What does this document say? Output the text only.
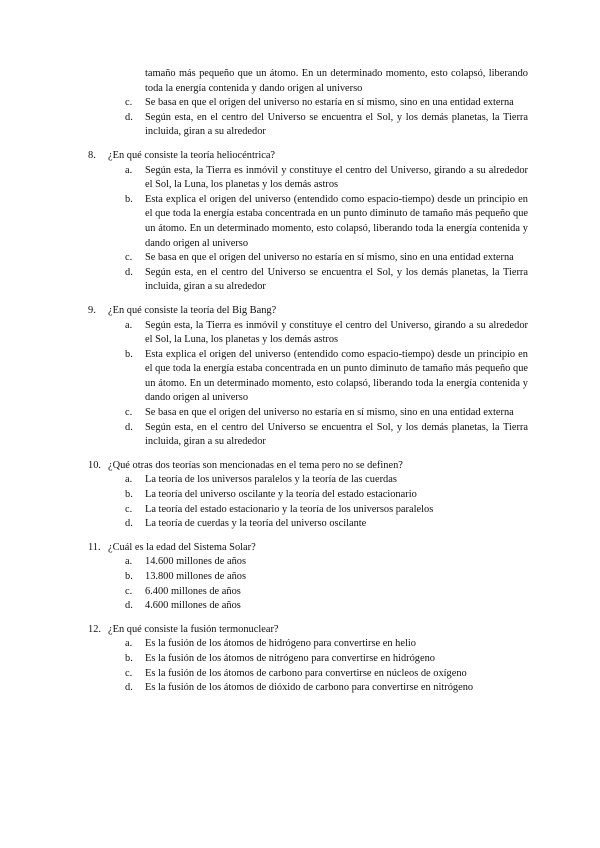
tamaño más pequeño que un átomo. En un determinado momento, esto colapsó, liberando toda la energía contenida y dando origen al universo
c.	Se basa en que el origen del universo no estaría en sí mismo, sino en una entidad externa
d.	Según esta, en el centro del Universo se encuentra el Sol, y los demás planetas, la Tierra incluida, giran a su alrededor
8.	¿En qué consiste la teoría heliocéntrica?
a.	Según esta, la Tierra es inmóvil y constituye el centro del Universo, girando a su alrededor el Sol, la Luna, los planetas y los demás astros
b.	Esta explica el origen del universo (entendido como espacio-tiempo) desde un principio en el que toda la energía estaba concentrada en un punto diminuto de tamaño más pequeño que un átomo. En un determinado momento, esto colapsó, liberando toda la energía contenida y dando origen al universo
c.	Se basa en que el origen del universo no estaría en sí mismo, sino en una entidad externa
d.	Según esta, en el centro del Universo se encuentra el Sol, y los demás planetas, la Tierra incluida, giran a su alrededor
9.	¿En qué consiste la teoría del Big Bang?
a.	Según esta, la Tierra es inmóvil y constituye el centro del Universo, girando a su alrededor el Sol, la Luna, los planetas y los demás astros
b.	Esta explica el origen del universo (entendido como espacio-tiempo) desde un principio en el que toda la energía estaba concentrada en un punto diminuto de tamaño más pequeño que un átomo. En un determinado momento, esto colapsó, liberando toda la energía contenida y dando origen al universo
c.	Se basa en que el origen del universo no estaría en sí mismo, sino en una entidad externa
d.	Según esta, en el centro del Universo se encuentra el Sol, y los demás planetas, la Tierra incluida, giran a su alrededor
10. ¿Qué otras dos teorías son mencionadas en el tema pero no se definen?
a.	La teoría de los universos paralelos y la teoría de las cuerdas
b.	La teoría del universo oscilante y la teoría del estado estacionario
c.	La teoría del estado estacionario y la teoría de los universos paralelos
d.	La teoría de cuerdas y la teoría del universo oscilante
11. ¿Cuál es la edad del Sistema Solar?
a.	14.600 millones de años
b.	13.800 millones de años
c.	6.400 millones de años
d.	4.600 millones de años
12. ¿En qué consiste la fusión termonuclear?
a.	Es la fusión de los átomos de hidrógeno para convertirse en helio
b.	Es la fusión de los átomos de nitrógeno para convertirse en hidrógeno
c.	Es la fusión de los átomos de carbono para convertirse en núcleos de oxígeno
d.	Es la fusión de los átomos de dióxido de carbono para convertirse en nitrógeno
